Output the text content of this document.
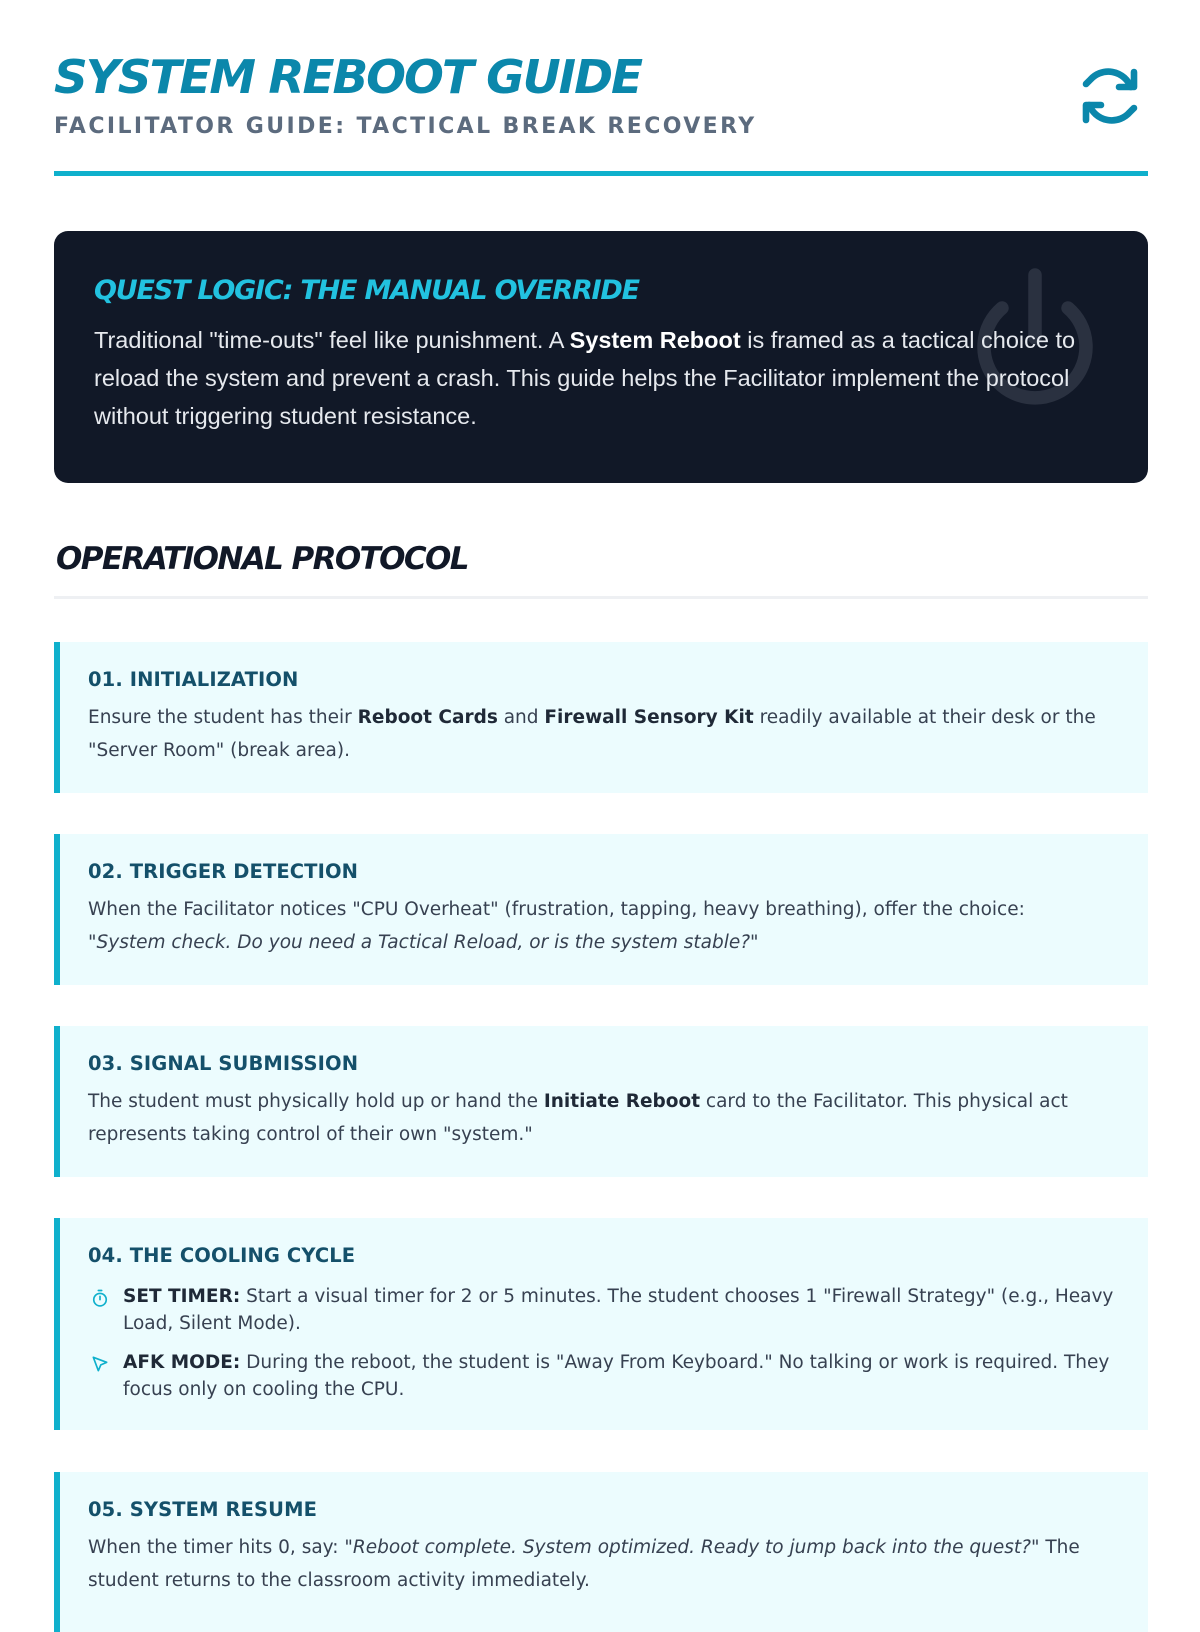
SYSTEM REBOOT GUIDE
FACILITATOR GUIDE: TACTICAL BREAK RECOVERY
QUEST LOGIC: THE MANUAL OVERRIDE

Traditional "time-outs" feel like punishment. A System Reboot is framed as a tactical choice to reload the system and prevent a crash. This guide helps the Facilitator implement the protocol without triggering student resistance.

OPERATIONAL PROTOCOL
01. INITIALIZATION

Ensure the student has their Reboot Cards and Firewall Sensory Kit readily available at their desk or the "Server Room" (break area).

02. TRIGGER DETECTION

When the Facilitator notices "CPU Overheat" (frustration, tapping, heavy breathing), offer the choice:
"System check. Do you need a Tactical Reload, or is the system stable?"

03. SIGNAL SUBMISSION

The student must physically hold up or hand the Initiate Reboot card to the Facilitator. This physical act represents taking control of their own "system."

04. THE COOLING CYCLE
SET TIMER: Start a visual timer for 2 or 5 minutes. The student chooses 1 "Firewall Strategy" (e.g., Heavy Load, Silent Mode).
AFK MODE: During the reboot, the student is "Away From Keyboard." No talking or work is required. They focus only on cooling the CPU.
05. SYSTEM RESUME

When the timer hits 0, say: "Reboot complete. System optimized. Ready to jump back into the quest?" The student returns to the classroom activity immediately.
